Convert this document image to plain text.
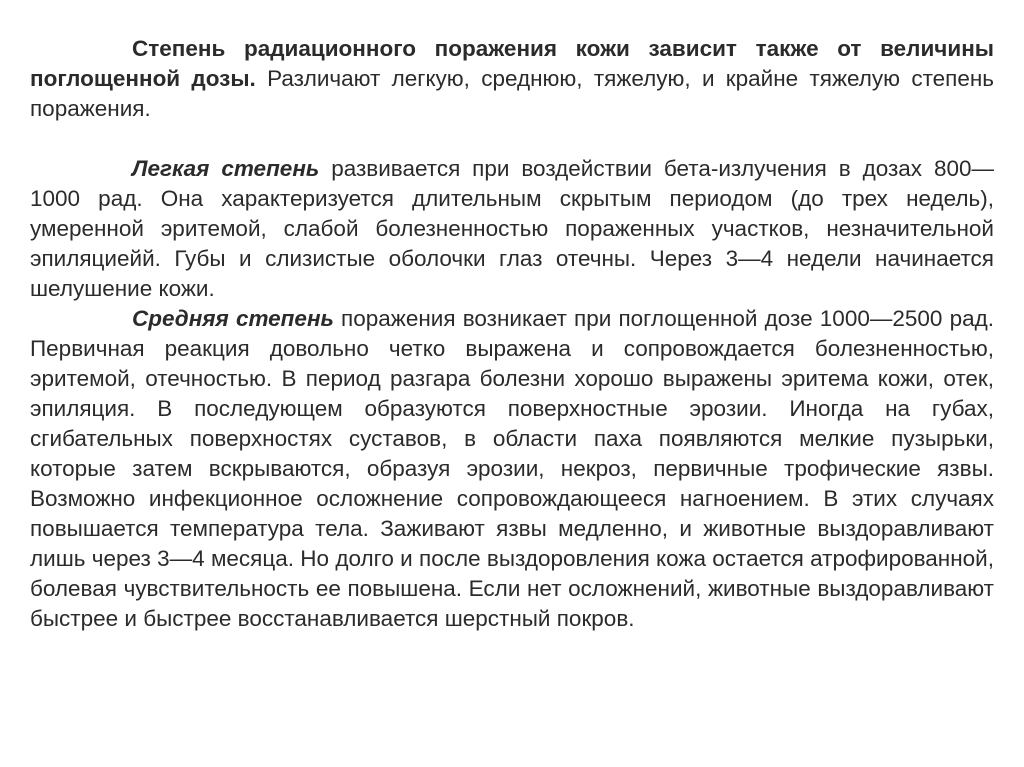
Степень радиационного поражения кожи зависит также от величины поглощенной дозы. Различают легкую, среднюю, тяжелую, и крайне тяжелую степень поражения.

Легкая степень развивается при воздействии бета-излучения в дозах 800—1000 рад. Она характеризуется длительным скрытым периодом (до трех недель), умеренной эритемой, слабой болезненностью пораженных участков, незначительной эпиляциейй. Губы и слизистые оболочки глаз отечны. Через 3—4 недели начинается шелушение кожи.

Средняя степень поражения возникает при поглощенной дозе 1000—2500 рад. Первичная реакция довольно четко выражена и сопровождается болезненностью, эритемой, отечностью. В период разгара болезни хорошо выражены эритема кожи, отек, эпиляция. В последующем образуются поверхностные эрозии. Иногда на губах, сгибательных поверхностях суставов, в области паха появляются мелкие пузырьки, которые затем вскрываются, образуя эрозии, некроз, первичные трофические язвы. Возможно инфекционное осложнение сопровождающееся нагноением. В этих случаях повышается температура тела. Заживают язвы медленно, и животные выздоравливают лишь через 3—4 месяца. Но долго и после выздоровления кожа остается атрофированной, болевая чувствительность ее повышена. Если нет осложнений, животные выздоравливают быстрее и быстрее восстанавливается шерстный покров.
